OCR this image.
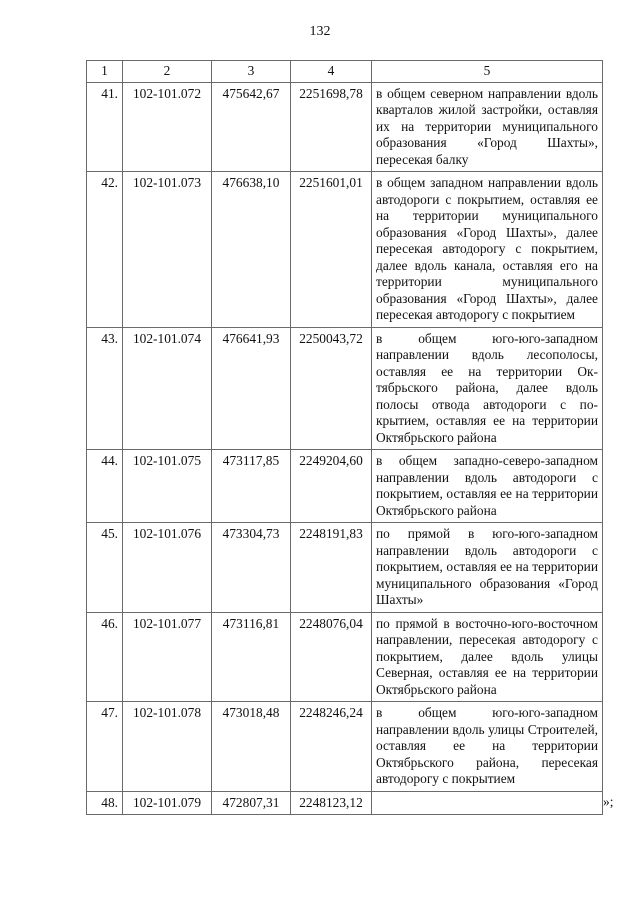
132
1	2	3	4	5
41.	102-101.072	475642,67	2251698,78	в общем северном направлении вдоль кварталов жилой застройки, оставляя их на территории муниципального образования «Город Шахты», пересекая балку
42.	102-101.073	476638,10	2251601,01	в общем западном направлении вдоль автодороги с покрытием, оставляя ее на территории муниципального образования «Город Шахты», далее пересекая автодорогу с покрытием, далее вдоль канала, оставляя его на территории муниципального образования «Город Шахты», далее пересекая автодорогу с покрытием
43.	102-101.074	476641,93	2250043,72	в общем юго-юго-западном направлении вдоль лесополосы, оставляя ее на территории Октябрьского района, далее вдоль полосы отвода автодороги с покрытием, оставляя ее на территории Октябрьского района
44.	102-101.075	473117,85	2249204,60	в общем западно-северо-западном направлении вдоль автодороги с покрытием, оставляя ее на территории Октябрьского района
45.	102-101.076	473304,73	2248191,83	по прямой в юго-юго-западном направлении вдоль автодороги с покрытием, оставляя ее на территории муниципального образования «Город Шахты»
46.	102-101.077	473116,81	2248076,04	по прямой в восточно-юго-восточном направлении, пересекая автодорогу с покрытием, далее вдоль улицы Северная, оставляя ее на территории Октябрьского района
47.	102-101.078	473018,48	2248246,24	в общем юго-юго-западном направлении вдоль улицы Строителей, оставляя ее на территории Октябрьского района, пересекая автодорогу с покрытием
48.	102-101.079	472807,31	2248123,12		»;
